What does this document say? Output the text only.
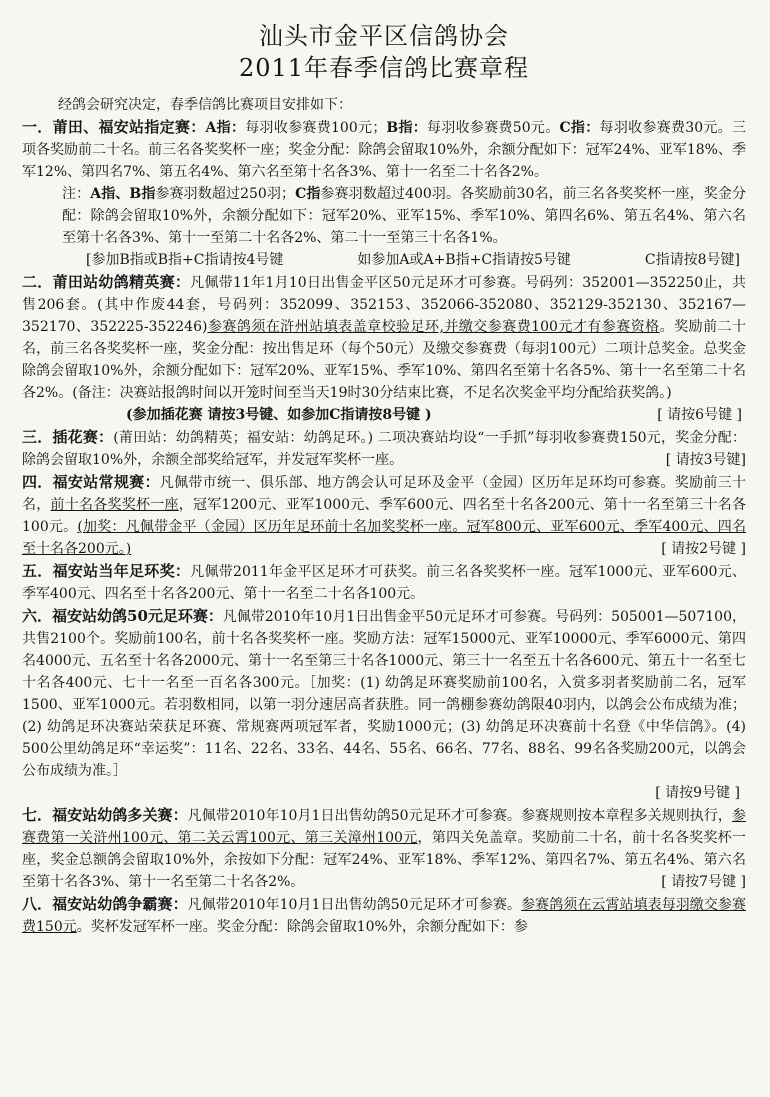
汕头市金平区信鸽协会
2011年春季信鸽比赛章程
经鸽会研究决定，春季信鸽比赛项目安排如下：

一．莆田、福安站指定赛：A指：每羽收参赛费100元；B指：每羽收参赛费50元。C指：每羽收参赛费30元。三项各奖励前二十名。前三名各奖奖杯一座；奖金分配：除鸽会留取10%外，余额分配如下：冠军24%、亚军18%、季军12%、第四名7%、第五名4%、第六名至第十名各3%、第十一名至二十名各2%。

注：A指、B指参赛羽数超过250羽；C指参赛羽数超过400羽。各奖励前30名，前三名各奖奖杯一座，奖金分配：除鸽会留取10%外，余额分配如下：冠军20%、亚军15%、季军10%、第四名6%、第五名4%、第六名至第十名各3%、第十一至第二十名各2%、第二十一至第三十名各1%。

[参加B指或B指+C指请按4号键	如参加A或A+B指+C指请按5号键	C指请按8号键]

二．莆田站幼鸽精英赛：凡佩带11年1月10日出售金平区50元足环才可参赛。号码列：352001—352250止，共售206套。(其中作废44套，号码列：352099、352153、352066-352080、352129-352130、352167—352170、352225-352246)参赛鸽须在浒州站填表盖章校验足环,并缴交参赛费100元才有参赛资格。奖励前二十名，前三名各奖奖杯一座，奖金分配：按出售足环（每个50元）及缴交参赛费（每羽100元）二项计总奖金。总奖金除鸽会留取10%外，余额分配如下：冠军20%、亚军15%、季军10%、第四名至第十名各5%、第十一名至第二十名各2%。(备注：决赛站报鸽时间以开笼时间至当天19时30分结束比赛，不足名次奖金平均分配给获奖鸽。)

(参加插花赛 请按3号键、如参加C指请按8号键 )	[ 请按6号键 ]

三．插花赛：(莆田站：幼鸽精英；福安站：幼鸽足环。) 二项决赛站均设“一手抓”每羽收参赛费150元，奖金分配：除鸽会留取10%外，余额全部奖给冠军，并发冠军奖杯一座。	[ 请按3号键]

四．福安站常规赛：凡佩带市统一、俱乐部、地方鸽会认可足环及金平（金园）区历年足环均可参赛。奖励前三十名，前十名各奖奖杯一座，冠军1200元、亚军1000元、季军600元、四名至十名各200元、第十一名至第三十名各100元。(加奖：凡佩带金平（金园）区历年足环前十名加奖奖杯一座。冠军800元、亚军600元、季军400元、四名至十名各200元。)	[ 请按2号键 ]

五．福安站当年足环奖：凡佩带2011年金平区足环才可获奖。前三名各奖奖杯一座。冠军1000元、亚军600元、季军400元、四名至十名各200元、第十一名至二十名各100元。

六．福安站幼鸽50元足环赛：凡佩带2010年10月1日出售金平50元足环才可参赛。号码列：505001—507100，共售2100个。奖励前100名，前十名各奖奖杯一座。奖励方法：冠军15000元、亚军10000元、季军6000元、第四名4000元、五名至十名各2000元、第十一名至第三十名各1000元、第三十一名至五十名各600元、第五十一名至七十名各400元、七十一名至一百名各300元。［加奖：(1) 幼鸽足环赛奖励前100名，入赏多羽者奖励前二名，冠军1500、亚军1000元。若羽数相同，以第一羽分速居高者获胜。同一鸽棚参赛幼鸽限40羽内，以鸽会公布成绩为准；(2) 幼鸽足环决赛站荣获足环赛、常规赛两项冠军者，奖励1000元；(3) 幼鸽足环决赛前十名登《中华信鸽》。(4) 500公里幼鸽足环“幸运奖”：11名、22名、33名、44名、55名、66名、77名、88名、99名各奖励200元，以鸽会公布成绩为准。］

[ 请按9号键 ]

七．福安站幼鸽多关赛：凡佩带2010年10月1日出售幼鸽50元足环才可参赛。参赛规则按本章程多关规则执行，参赛费第一关浒州100元、第二关云霄100元、第三关漳州100元，第四关免盖章。奖励前二十名，前十名各奖奖杯一座，奖金总额鸽会留取10%外，余按如下分配：冠军24%、亚军18%、季军12%、第四名7%、第五名4%、第六名至第十名各3%、第十一名至第二十名各2%。	[ 请按7号键 ]

八．福安站幼鸽争霸赛：凡佩带2010年10月1日出售幼鸽50元足环才可参赛。参赛鸽须在云霄站填表每羽缴交参赛费150元。奖杯发冠军杯一座。奖金分配：除鸽会留取10%外，余额分配如下：参
